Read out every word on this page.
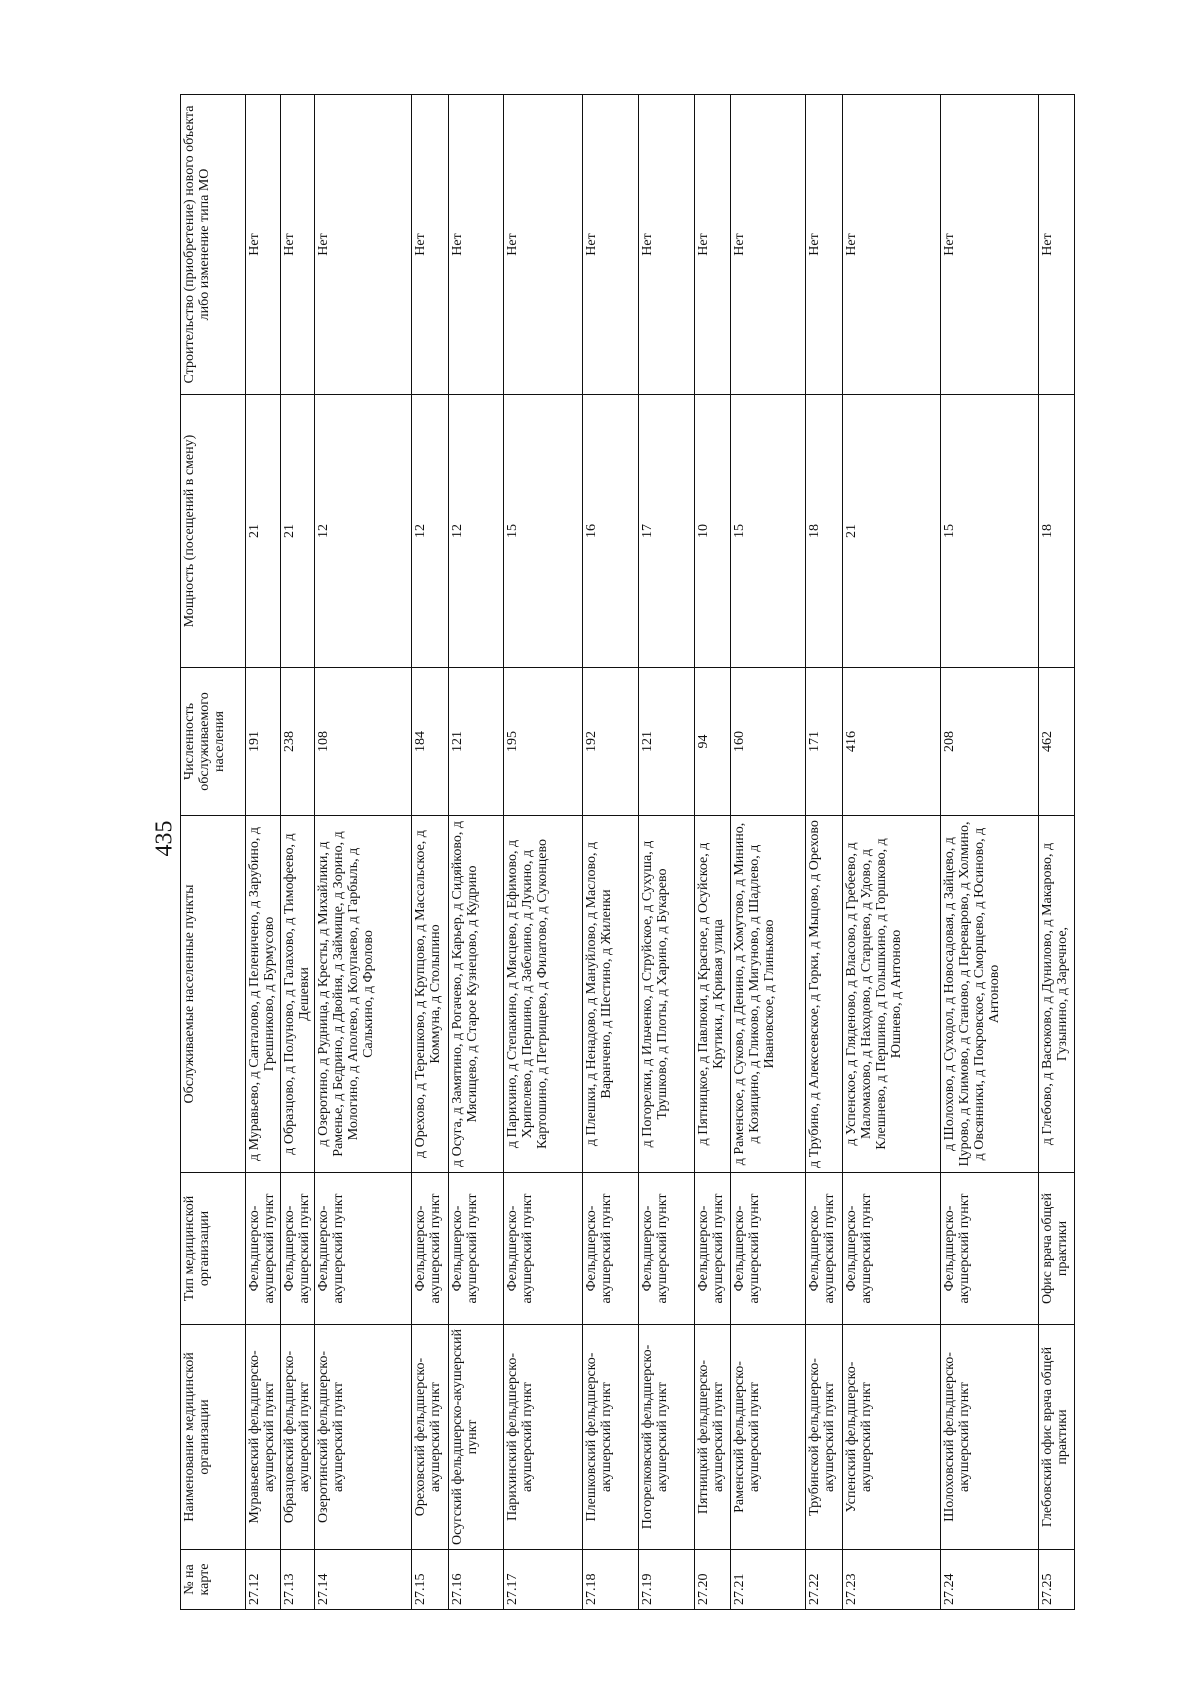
435
№ на карте	Наименование медицинской организации	Тип медицинской организации	Обслуживаемые населенные пункты	Численность обслуживаемого населения	Мощность (посещений в смену)	Строительство (приобретение) нового объекта либо изменение типа МО
27.12	Муравьевский фельдшерско-акушерский пункт	Фельдшерско-акушерский пункт	д Муравьево, д Санталово, д Пеленичено, д Зарубино, д Грешниково, д Бурмусово	191	21	Нет
27.13	Образцовский фельдшерско-акушерский пункт	Фельдшерско-акушерский пункт	д Образцово, д Полуново, д Галахово, д Тимофеево, д Дешевки	238	21	Нет
27.14	Озеротинский фельдшерско-акушерский пункт	Фельдшерско-акушерский пункт	д Озеротино, д Рудница, д Кресты, д Михайлики, д Раменье, д Бедрино, д Двойня, д Займище, д Зорино, д Мологино, д Аполево, д Колупаево, д Гарбыль, д Салькино, д Фролово	108	12	Нет
27.15	Ореховский фельдшерско-акушерский пункт	Фельдшерско-акушерский пункт	д Орехово, д Терешково, д Крупцово, д Массальское, д Коммуна, д Столыпино	184	12	Нет
27.16	Осугский фельдшерско-акушерский пункт	Фельдшерско-акушерский пункт	д Осуга, д Замятино, д Рогачево, д Карьер, д Сидяйково, д Мясищево, д Старое Кузнецово, д Кудрино	121	12	Нет
27.17	Парихинский фельдшерско-акушерский пункт	Фельдшерско-акушерский пункт	д Парихино, д Степакино, д Мясцево, д Ефимово, д Хрипелево, д Першино, д Забелино, д Лукино, д Картошино, д Петрищево, д Филатово, д Суконцево	195	15	Нет
27.18	Плешковский фельдшерско-акушерский пункт	Фельдшерско-акушерский пункт	д Плешки, д Ненадово, д Мануйлово, д Маслово, д Варанчено, д Шестино, д Жиленки	192	16	Нет
27.19	Погорелковский фельдшерско-акушерский пункт	Фельдшерско-акушерский пункт	д Погорелки, д Ильченко, д Струйское, д Сухуша, д Трушково, д Плоты, д Харино, д Букарево	121	17	Нет
27.20	Пятницкий фельдшерско-акушерский пункт	Фельдшерско-акушерский пункт	д Пятницкое, д Павлюки, д Красное, д Осуйское, д Крутики, д Кривая улица	94	10	Нет
27.21	Раменский фельдшерско-акушерский пункт	Фельдшерско-акушерский пункт	д Раменское, д Суково, д Денино, д Хомутово, д Минино, д Козицино, д Гликово, д Мигуново, д Шадлево, д Ивановское, д Глиньково	160	15	Нет
27.22	Трубинской фельдшерско-акушерский пункт	Фельдшерско-акушерский пункт	д Трубино, д Алексеевское, д Горки, д Мыцово, д Орехово	171	18	Нет
27.23	Успенский фельдшерско-акушерский пункт	Фельдшерско-акушерский пункт	д Успенское, д Гляденово, д Власово, д Гребеево, д Маломахово, д Находово, д Старцево, д Удово, д Клешнево, д Першино, д Голышкино, д Горшково, д Юшнево, д Антоново	416	21	Нет
27.24	Шолоховский фельдшерско-акушерский пункт	Фельдшерско-акушерский пункт	д Шолохово, д Суходол, д Новосадовая, д Зайцево, д Цурово, д Климово, д Станово, д Переварово, д Холмино, д Овсянники, д Покровское, д Сморщево, д Юсиново, д Антоново	208	15	Нет
27.25	Глебовский офис врача общей практики	Офис врача общей практики	д Глебово, д Васюково, д Дунилово, д Макарово, д Гузынино, д Заречное,	462	18	Нет
